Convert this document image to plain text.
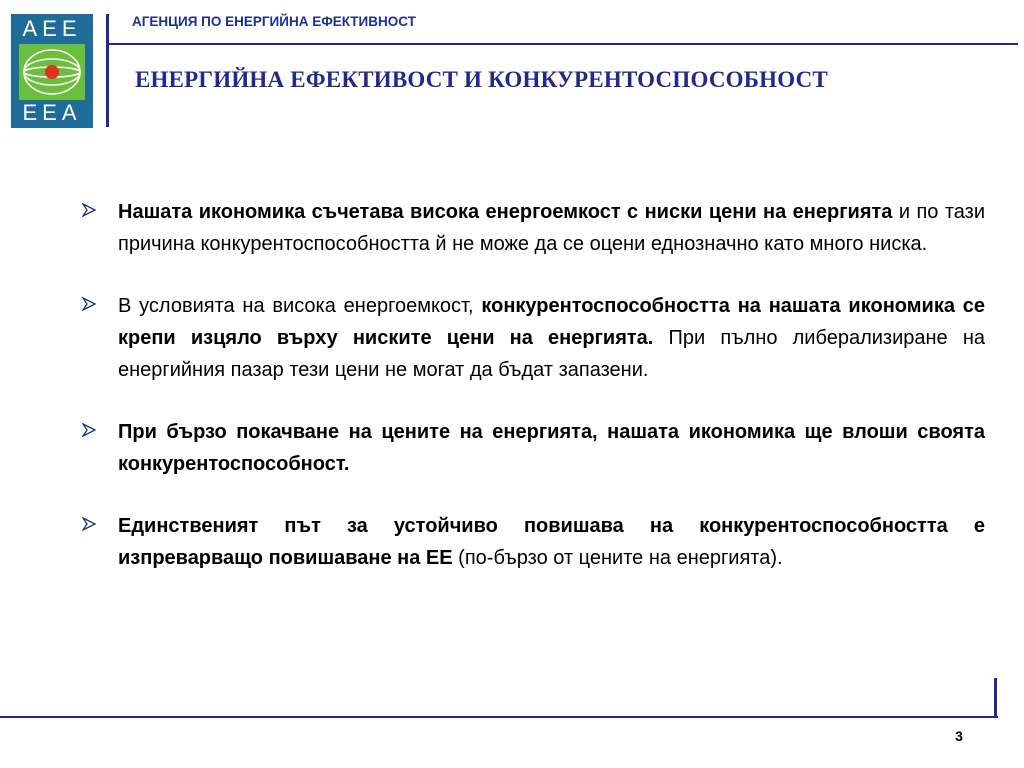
AEE
EEA
АГЕНЦИЯ ПО ЕНЕРГИЙНА ЕФЕКТИВНОСТ
ЕНЕРГИЙНА ЕФЕКТИВОСТ И КОНКУРЕНТОСПОСОБНОСТ
Нашата икономика съчетава висока енергоемкост с ниски цени на енергията и по тази причина конкурентоспособността й не може да се оцени еднозначно като много ниска.
В условията на висока енергоемкост, конкурентоспособността на нашата икономика се крепи изцяло върху ниските цени на енергията. При пълно либерализиране на енергийния пазар тези цени не могат да бъдат запазени.
При бързо покачване на цените на енергията, нашата икономика ще влоши своята конкурентоспособност.
Единственият път за устойчиво повишава на конкурентоспособността е изпреварващо повишаване на ЕЕ (по-бързо от цените на енергията).
3
